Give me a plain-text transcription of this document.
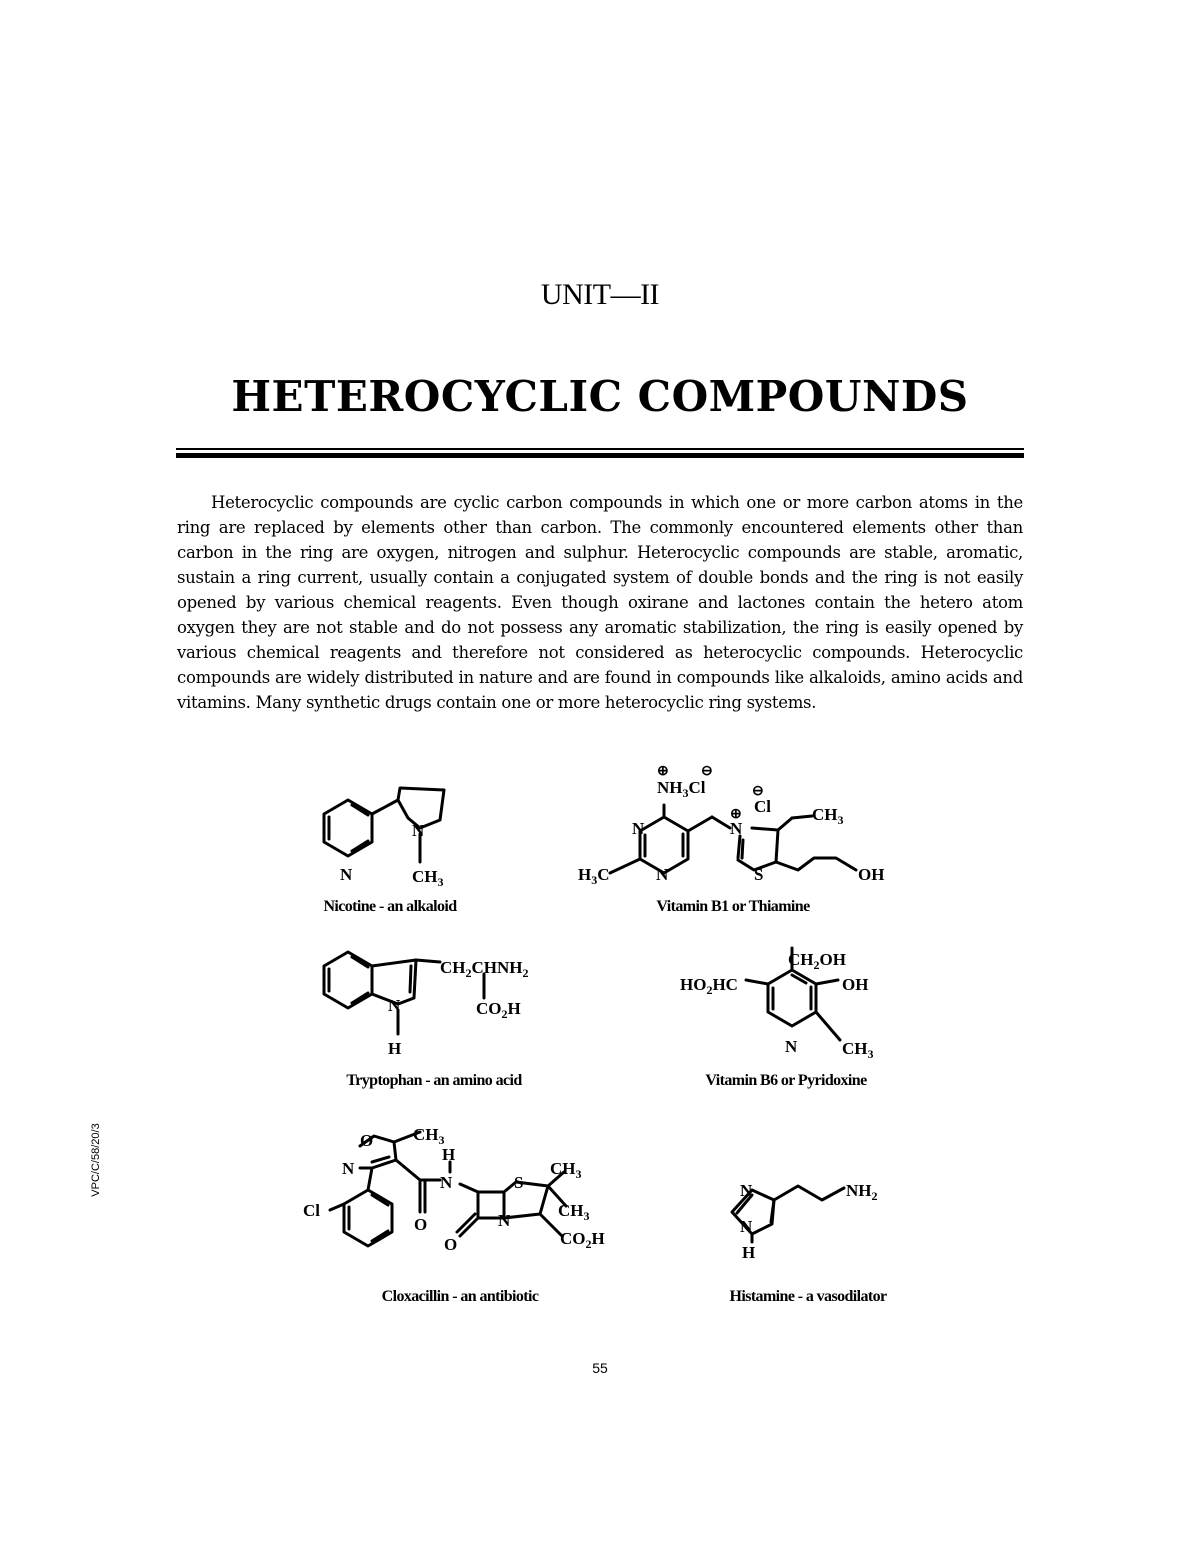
UNIT—II
HETEROCYCLIC COMPOUNDS

Heterocyclic compounds are cyclic carbon compounds in which one or more carbon atoms in the ring are replaced by elements other than carbon. The commonly encountered elements other than carbon in the ring are oxygen, nitrogen and sulphur. Heterocyclic compounds are stable, aromatic, sustain a ring current, usually contain a conjugated system of double bonds and the ring is not easily opened by various chemical reagents. Even though oxirane and lactones contain the hetero atom oxygen they are not stable and do not possess any aromatic stabilization, the ring is easily opened by various chemical reagents and therefore not considered as heterocyclic compounds. Heterocyclic compounds are widely distributed in nature and are found in compounds like alkaloids, amino acids and vitamins. Many synthetic drugs contain one or more heterocyclic ring systems.

N
N
$CH_3$
⊕
$NH_3Cl$
⊖
⊖
Cl
⊕
N
N
N
$H_3C$	S
$CH_3$
OH
$CH_2CHNH_2$
N	$CO_2H$
H
$CH_2OH$
$HO_2HC$	OH
N	$CH_3$
$CH_3$
O
N
H
N
Cl
O
O
N
S
$CH_3$
$CH_3$
$CO_2H$
N
N
H
$NH_2$
Nicotine - an alkaloid	Vitamin B1 or Thiamine
Tryptophan - an amino acid	Vitamin B6 or Pyridoxine
Cloxacillin - an antibiotic	Histamine - a vasodilator
VPC/C/58/20/3
55
